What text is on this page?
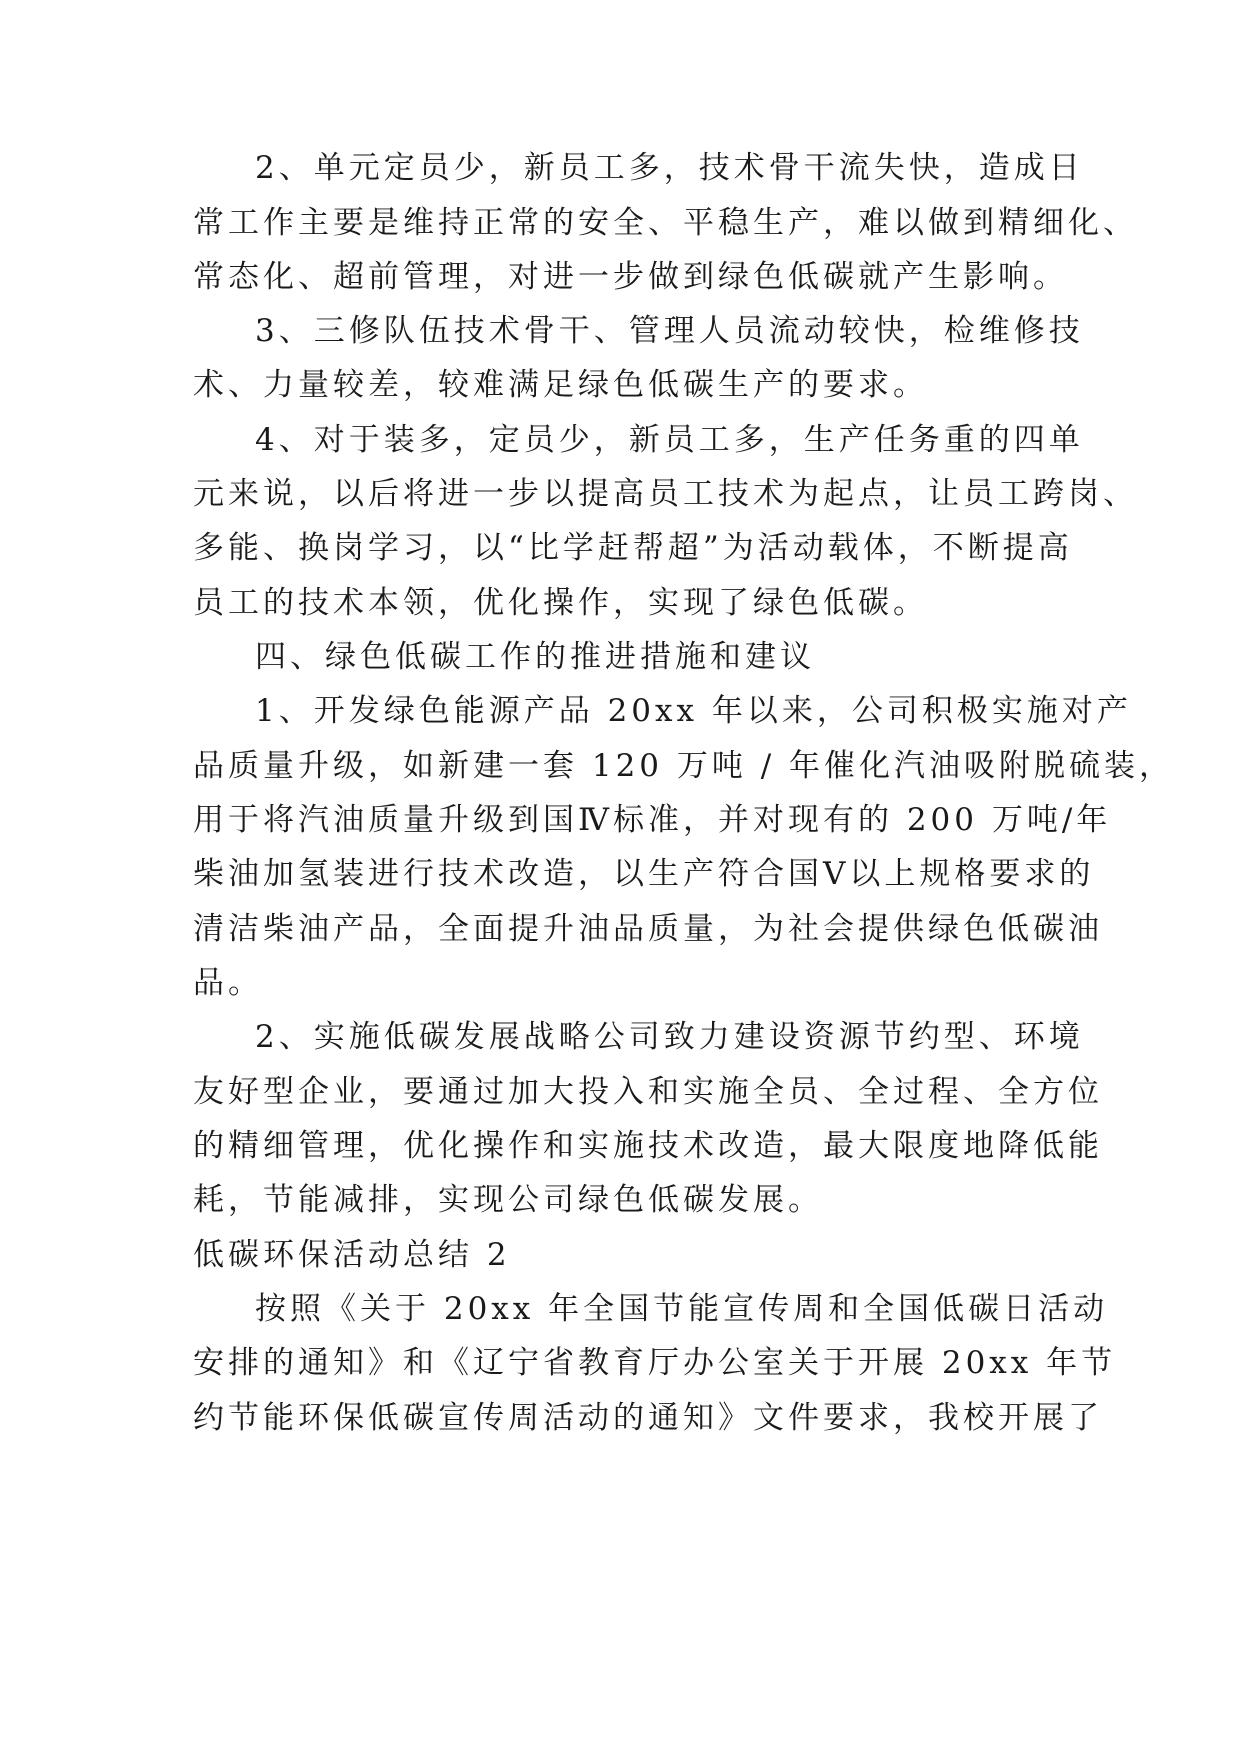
2、单元定员少，新员工多，技术骨干流失快，造成日
常工作主要是维持正常的安全、平稳生产，难以做到精细化、
常态化、超前管理，对进一步做到绿色低碳就产生影响。
3、三修队伍技术骨干、管理人员流动较快，检维修技
术、力量较差，较难满足绿色低碳生产的要求。
4、对于装多，定员少，新员工多，生产任务重的四单
元来说，以后将进一步以提高员工技术为起点，让员工跨岗、
多能、换岗学习，以“比学赶帮超”为活动载体，不断提高
员工的技术本领，优化操作，实现了绿色低碳。
四、绿色低碳工作的推进措施和建议
1、开发绿色能源产品 20xx 年以来，公司积极实施对产
品质量升级，如新建一套 120 万吨 / 年催化汽油吸附脱硫装，
用于将汽油质量升级到国Ⅳ标准，并对现有的 200 万吨/年
柴油加氢装进行技术改造，以生产符合国Ⅴ以上规格要求的
清洁柴油产品，全面提升油品质量，为社会提供绿色低碳油
品。
2、实施低碳发展战略公司致力建设资源节约型、环境
友好型企业，要通过加大投入和实施全员、全过程、全方位
的精细管理，优化操作和实施技术改造，最大限度地降低能
耗，节能减排，实现公司绿色低碳发展。
低碳环保活动总结 2
按照《关于 20xx 年全国节能宣传周和全国低碳日活动
安排的通知》和《辽宁省教育厅办公室关于开展 20xx 年节
约节能环保低碳宣传周活动的通知》文件要求，我校开展了
